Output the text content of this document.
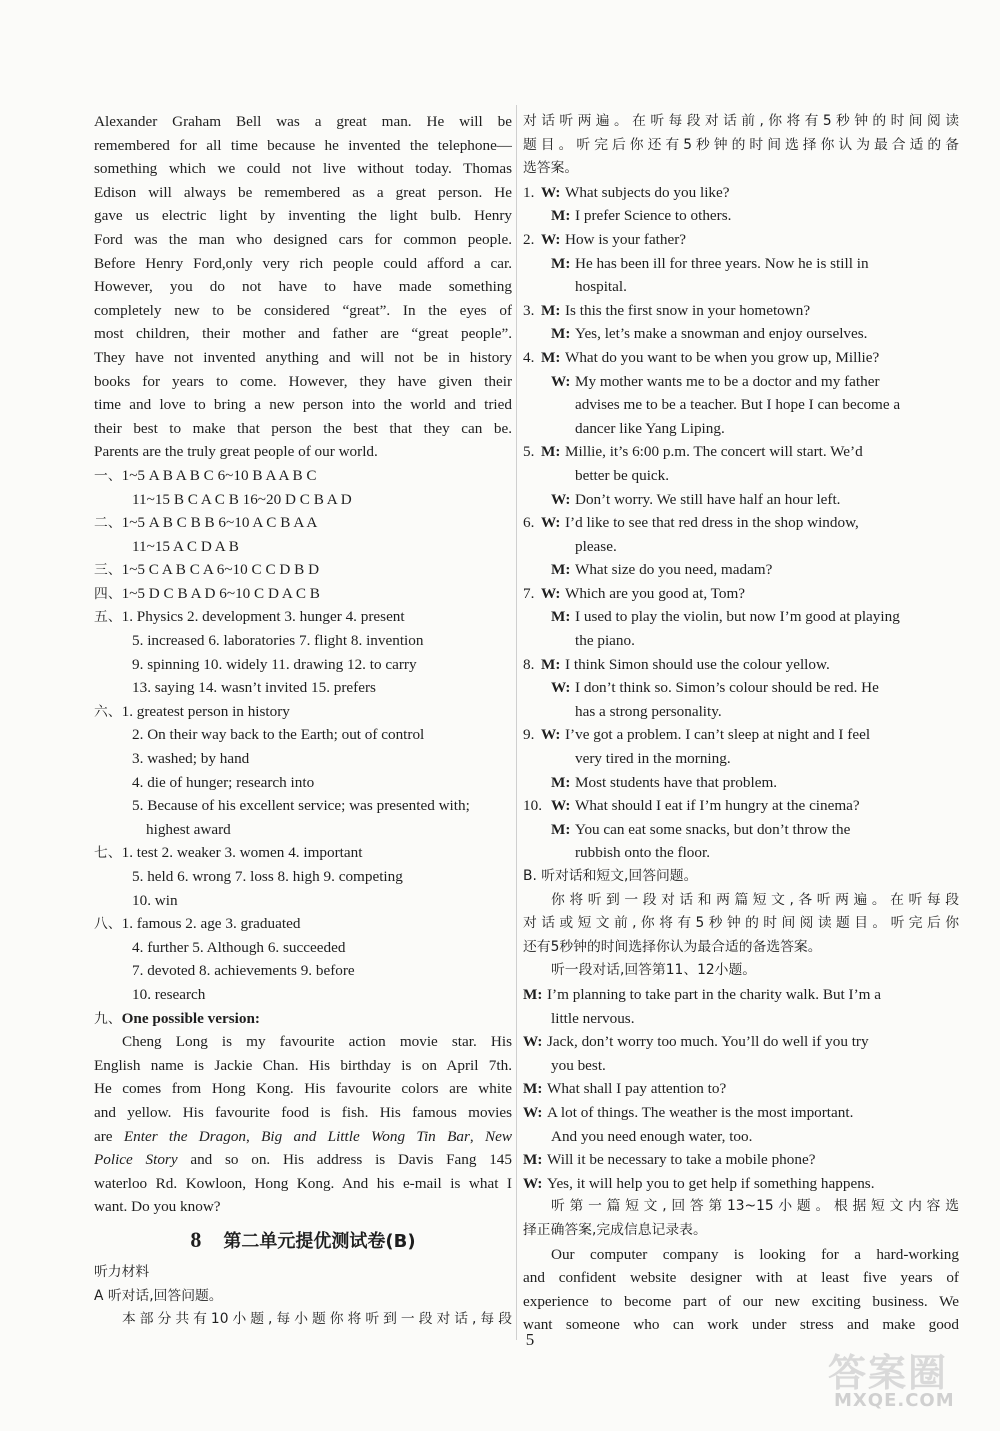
Alexander Graham Bell was a great man. He will be
remembered for all time because he invented the telephone—
something which we could not live without today. Thomas
Edison will always be remembered as a great person. He
gave us electric light by inventing the light bulb. Henry
Ford was the man who designed cars for common people.
Before Henry Ford,only very rich people could afford a car.
However, you do not have to have made something
completely new to be considered “great”. In the eyes of
most children, their mother and father are “great people”.
They have not invented anything and will not be in history
books for years to come. However, they have given their
time and love to bring a new person into the world and tried
their best to make that person the best that they can be.
Parents are the truly great people of our world.
一、1~5 A B A B C 6~10 B A A B C
11~15 B C A C B 16~20 D C B A D
二、1~5 A B C B B 6~10 A C B A A
11~15 A C D A B
三、1~5 C A B C A 6~10 C C D B D
四、1~5 D C B A D 6~10 C D A C B
五、1. Physics 2. development 3. hunger 4. present
5. increased 6. laboratories 7. flight 8. invention
9. spinning 10. widely 11. drawing 12. to carry
13. saying 14. wasn’t invited 15. prefers
六、1. greatest person in history
2. On their way back to the Earth; out of control
3. washed; by hand
4. die of hunger; research into
5. Because of his excellent service; was presented with;
highest award
七、1. test 2. weaker 3. women 4. important
5. held 6. wrong 7. loss 8. high 9. competing
10. win
八、1. famous 2. age 3. graduated
4. further 5. Although 6. succeeded
7. devoted 8. achievements 9. before
10. research
九、One possible version:
Cheng Long is my favourite action movie star. His
English name is Jackie Chan. His birthday is on April 7th.
He comes from Hong Kong. His favourite colors are white
and yellow. His favourite food is fish. His famous movies
are Enter the Dragon, Big and Little Wong Tin Bar, New
Police Story and so on. His address is Davis Fang 145
waterloo Rd. Kowloon, Hong Kong. And his e-mail is what I
want. Do you know?
8 第二单元提优测试卷(B)
听力材料
A 听对话,回答问题。
本部分共有10小题,每小题你将听到一段对话,每段
对话听两遍。在听每段对话前,你将有5秒钟的时间阅读
题目。听完后你还有5秒钟的时间选择你认为最合适的备
选答案。
1. W: What subjects do you like?
M: I prefer Science to others.
2. W: How is your father?
M: He has been ill for three years. Now he is still in
hospital.
3. M: Is this the first snow in your hometown?
M: Yes, let’s make a snowman and enjoy ourselves.
4. M: What do you want to be when you grow up, Millie?
W: My mother wants me to be a doctor and my father
advises me to be a teacher. But I hope I can become a
dancer like Yang Liping.
5. M: Millie, it’s 6:00 p.m. The concert will start. We’d
better be quick.
W: Don’t worry. We still have half an hour left.
6. W: I’d like to see that red dress in the shop window,
please.
M: What size do you need, madam?
7. W: Which are you good at, Tom?
M: I used to play the violin, but now I’m good at playing
the piano.
8. M: I think Simon should use the colour yellow.
W: I don’t think so. Simon’s colour should be red. He
has a strong personality.
9. W: I’ve got a problem. I can’t sleep at night and I feel
very tired in the morning.
M: Most students have that problem.
10. W: What should I eat if I’m hungry at the cinema?
M: You can eat some snacks, but don’t throw the
rubbish onto the floor.
B. 听对话和短文,回答问题。
你将听到一段对话和两篇短文,各听两遍。在听每段
对话或短文前,你将有5秒钟的时间阅读题目。听完后你
还有5秒钟的时间选择你认为最合适的备选答案。
听一段对话,回答第11、12小题。
M: I’m planning to take part in the charity walk. But I’m a
little nervous.
W: Jack, don’t worry too much. You’ll do well if you try
you best.
M: What shall I pay attention to?
W: A lot of things. The weather is the most important.
And you need enough water, too.
M: Will it be necessary to take a mobile phone?
W: Yes, it will help you to get help if something happens.
听第一篇短文,回答第13~15小题。根据短文内容选
择正确答案,完成信息记录表。
Our computer company is looking for a hard-working
and confident website designer with at least five years of
experience to become part of our new exciting business. We
want someone who can work under stress and make good
5
答案圈
MXQE.COM
